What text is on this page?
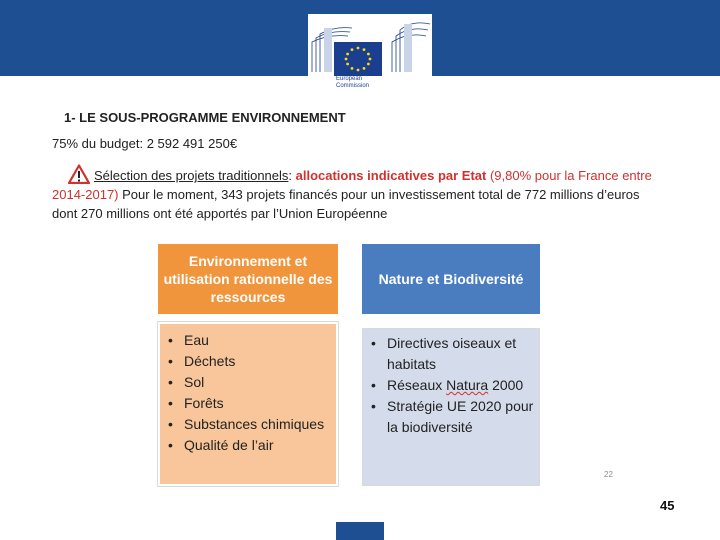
European
Commission
1- LE SOUS-PROGRAMME ENVIRONNEMENT
75% du budget: 2 592 491 250€
Sélection des projets traditionnels: allocations indicatives par Etat (9,80% pour la France entre 2014-2017) Pour le moment, 343 projets financés pour un investissement total de 772 millions d’euros dont 270 millions ont été apportés par l’Union Européenne
Environnement et utilisation rationnelle des ressources
Nature et Biodiversité
• Eau
• Déchets
• Sol
• Forêts
• Substances chimiques
• Qualité de l’air
• Directives oiseaux et habitats
• Réseaux Natura 2000
• Stratégie UE 2020 pour la biodiversité
22
45
